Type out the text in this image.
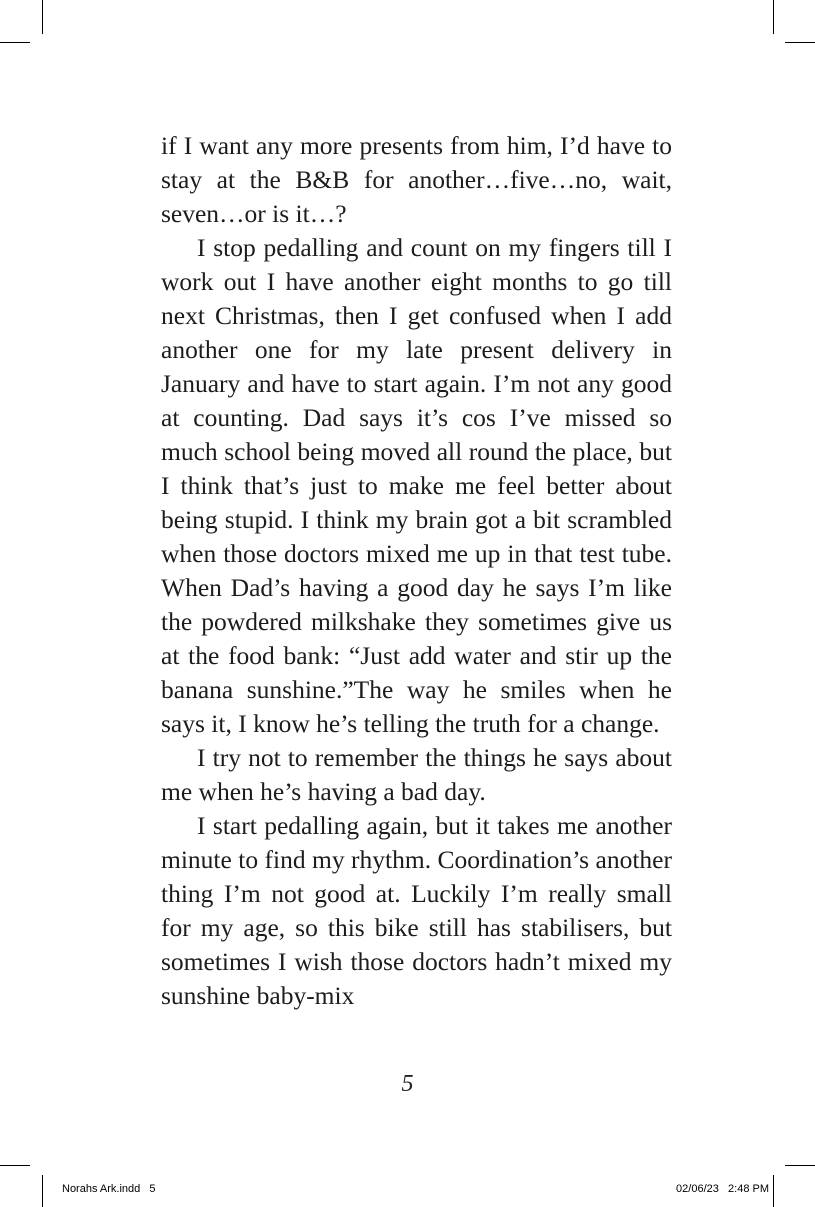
if I want any more presents from him, I’d have to stay at the B&B for another…five…no, wait, seven…or is it…?

I stop pedalling and count on my fingers till I work out I have another eight months to go till next Christmas, then I get confused when I add another one for my late present delivery in January and have to start again. I’m not any good at counting. Dad says it’s cos I’ve missed so much school being moved all round the place, but I think that’s just to make me feel better about being stupid. I think my brain got a bit scrambled when those doctors mixed me up in that test tube. When Dad’s having a good day he says I’m like the powdered milkshake they sometimes give us at the food bank: “Just add water and stir up the banana sunshine.”The way he smiles when he says it, I know he’s telling the truth for a change.

I try not to remember the things he says about me when he’s having a bad day.

I start pedalling again, but it takes me another minute to find my rhythm. Coordination’s another thing I’m not good at. Luckily I’m really small for my age, so this bike still has stabilisers, but sometimes I wish those doctors hadn’t mixed my sunshine baby-mix

5
Norahs Ark.indd   5	02/06/23   2:48 PM
